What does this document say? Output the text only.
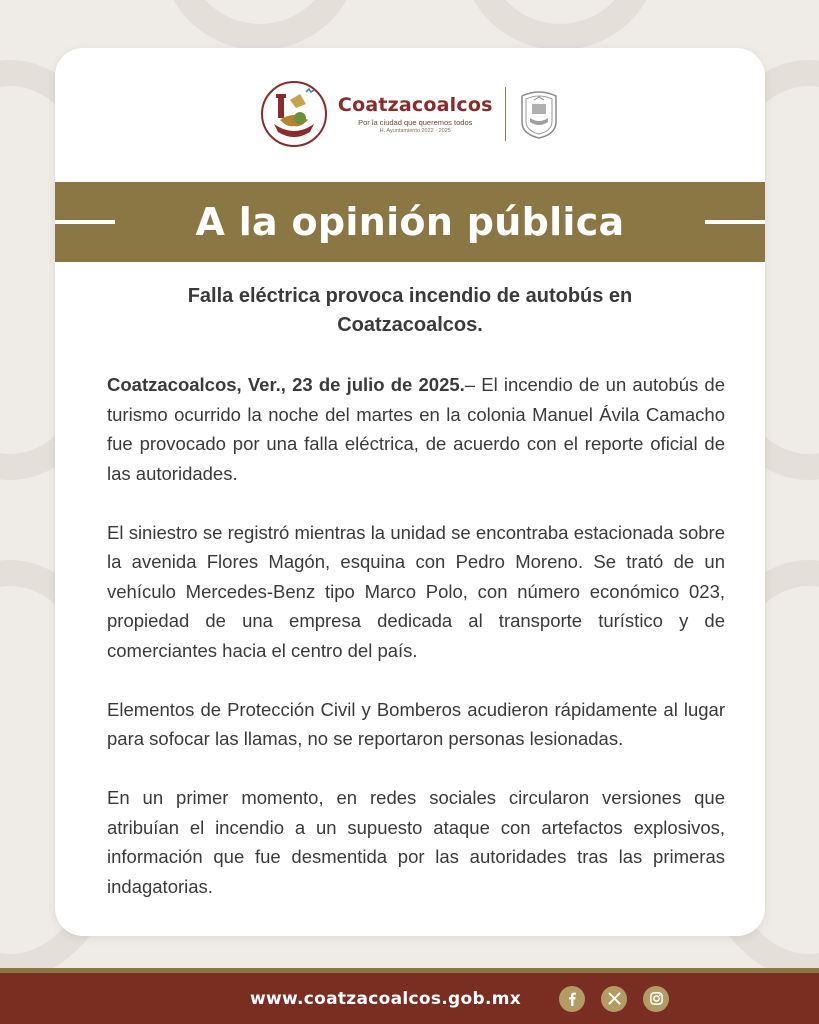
Coatzacoalcos
Por la ciudad que queremos todos
H. Ayuntamiento 2022 · 2025
A la opinión pública
Falla eléctrica provoca incendio de autobús en Coatzacoalcos.

Coatzacoalcos, Ver., 23 de julio de 2025.– El incendio de un autobús de turismo ocurrido la noche del martes en la colonia Manuel Ávila Camacho fue provocado por una falla eléctrica, de acuerdo con el reporte oficial de las autoridades.

El siniestro se registró mientras la unidad se encontraba estacionada sobre la avenida Flores Magón, esquina con Pedro Moreno. Se trató de un vehículo Mercedes-Benz tipo Marco Polo, con número económico 023, propiedad de una empresa dedicada al transporte turístico y de comerciantes hacia el centro del país.

Elementos de Protección Civil y Bomberos acudieron rápidamente al lugar para sofocar las llamas, no se reportaron personas lesionadas.

En un primer momento, en redes sociales circularon versiones que atribuían el incendio a un supuesto ataque con artefactos explosivos, información que fue desmentida por las autoridades tras las primeras indagatorias.

www.coatzacoalcos.gob.mx
